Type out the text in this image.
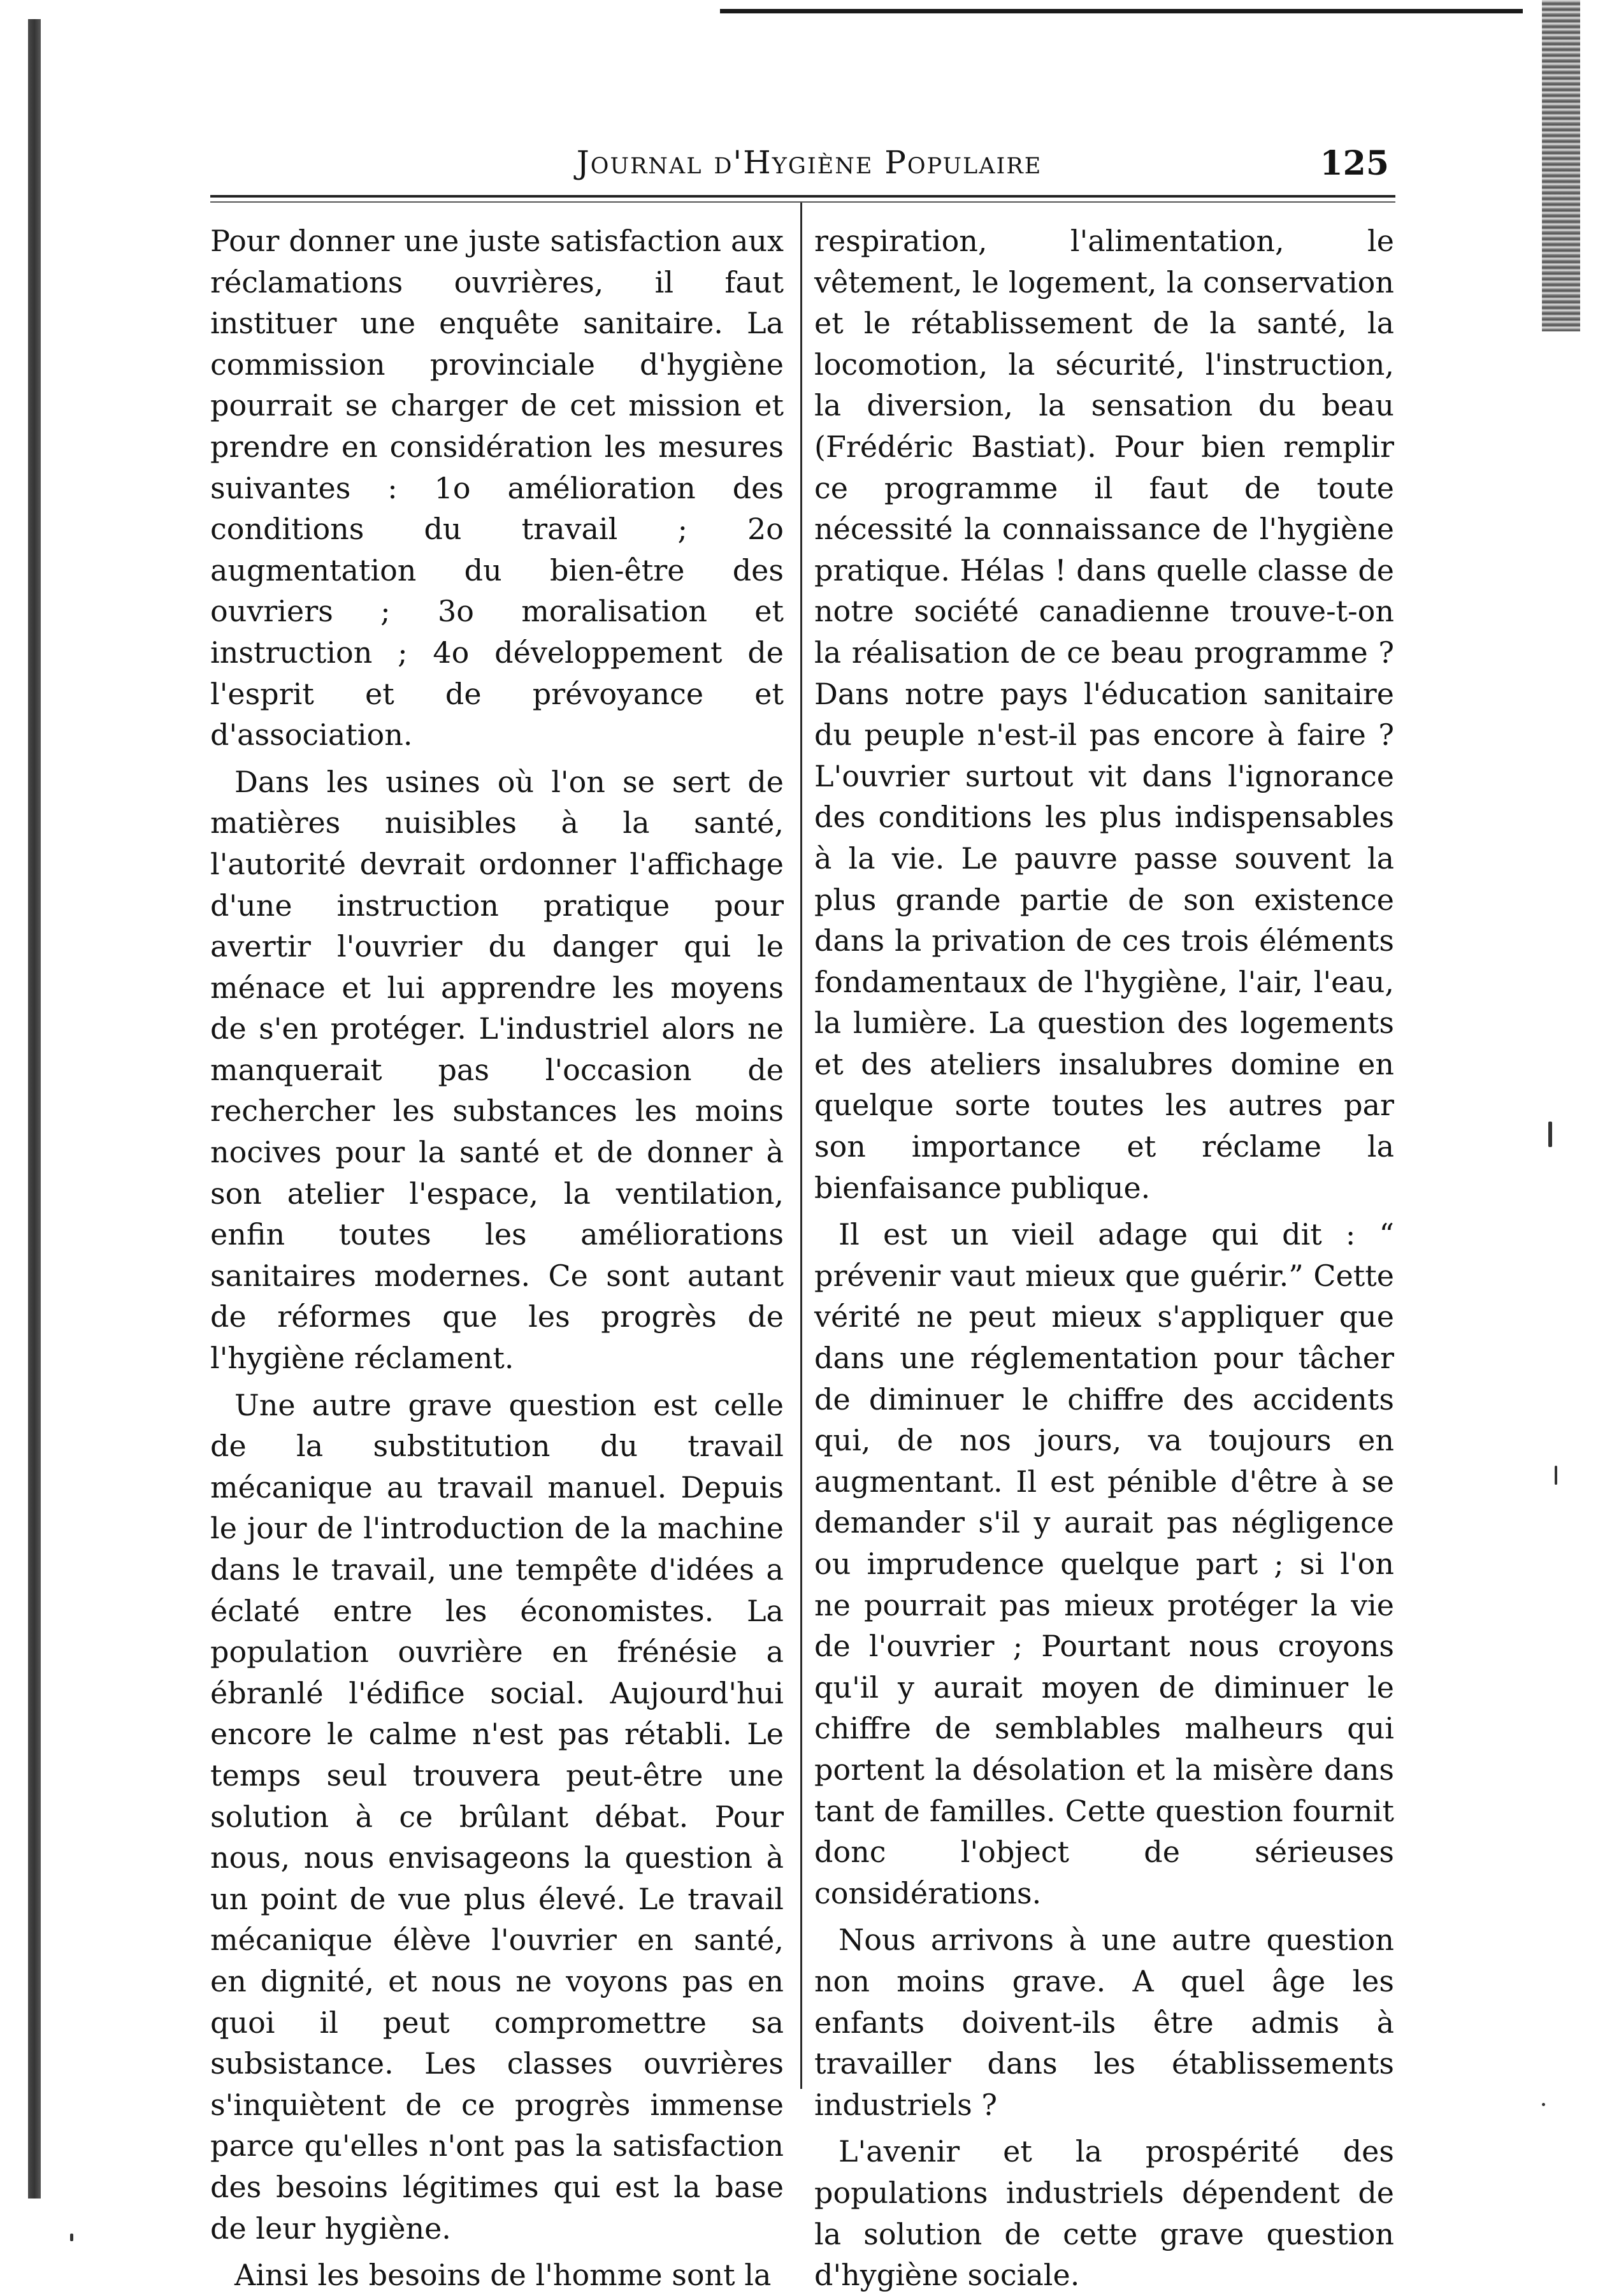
Journal d'Hygiène Populaire	125

Pour donner une juste satisfaction aux réclamations ouvrières, il faut instituer une enquête sanitaire. La commission provinciale d'hygiène pourrait se charger de cet mission et prendre en considération les mesures suivantes : 1o amélioration des conditions du travail ; 2o augmentation du bien-être des ouvriers ; 3o moralisation et instruction ; 4o développement de l'esprit et de prévoyance et d'association.

Dans les usines où l'on se sert de matières nuisibles à la santé, l'autorité devrait ordonner l'affichage d'une instruction pratique pour avertir l'ouvrier du danger qui le ménace et lui apprendre les moyens de s'en protéger. L'industriel alors ne manquerait pas l'occasion de rechercher les substances les moins nocives pour la santé et de donner à son atelier l'espace, la ventilation, enfin toutes les améliorations sanitaires modernes. Ce sont autant de réformes que les progrès de l'hygiène réclament.

Une autre grave question est celle de la substitution du travail mécanique au travail manuel. Depuis le jour de l'introduction de la machine dans le travail, une tempête d'idées a éclaté entre les économistes. La population ouvrière en frénésie a ébranlé l'édifice social. Aujourd'hui encore le calme n'est pas rétabli. Le temps seul trouvera peut-être une solution à ce brûlant débat. Pour nous, nous envisageons la question à un point de vue plus élevé. Le travail mécanique élève l'ouvrier en santé, en dignité, et nous ne voyons pas en quoi il peut compromettre sa subsistance. Les classes ouvrières s'inquiètent de ce progrès immense parce qu'elles n'ont pas la satisfaction des besoins légitimes qui est la base de leur hygiène.

Ainsi les besoins de l'homme sont la

respiration, l'alimentation, le vêtement, le logement, la conservation et le rétablissement de la santé, la locomotion, la sécurité, l'instruction, la diversion, la sensation du beau (Frédéric Bastiat). Pour bien remplir ce programme il faut de toute nécessité la connaissance de l'hygiène pratique. Hélas ! dans quelle classe de notre société canadienne trouve-t-on la réalisation de ce beau programme ? Dans notre pays l'éducation sanitaire du peuple n'est-il pas encore à faire ? L'ouvrier surtout vit dans l'ignorance des conditions les plus indispensables à la vie. Le pauvre passe souvent la plus grande partie de son existence dans la privation de ces trois éléments fondamentaux de l'hygiène, l'air, l'eau, la lumière. La question des logements et des ateliers insalubres domine en quelque sorte toutes les autres par son importance et réclame la bienfaisance publique.

Il est un vieil adage qui dit : “ prévenir vaut mieux que guérir.” Cette vérité ne peut mieux s'appliquer que dans une réglementation pour tâcher de diminuer le chiffre des accidents qui, de nos jours, va toujours en augmentant. Il est pénible d'être à se demander s'il y aurait pas négligence ou imprudence quelque part ; si l'on ne pourrait pas mieux protéger la vie de l'ouvrier ; Pourtant nous croyons qu'il y aurait moyen de diminuer le chiffre de semblables malheurs qui portent la désolation et la misère dans tant de familles. Cette question fournit donc l'object de sérieuses considérations.

Nous arrivons à une autre question non moins grave. A quel âge les enfants doivent-ils être admis à travailler dans les établissements industriels ?

L'avenir et la prospérité des populations industriels dépendent de la solution de cette grave question d'hygiène sociale.
